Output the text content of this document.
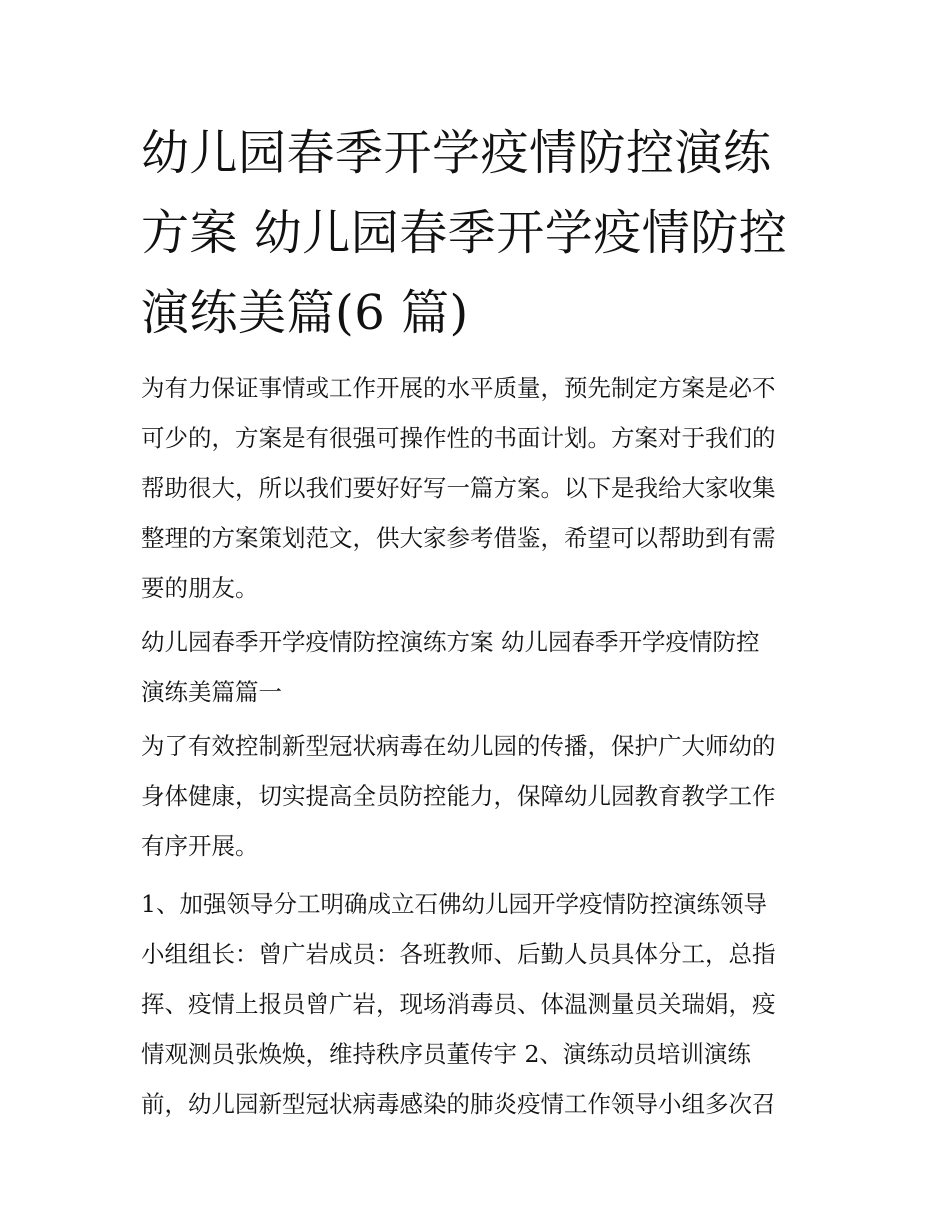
幼儿园春季开学疫情防控演练
方案 幼儿园春季开学疫情防控
演练美篇(6 篇)
为有力保证事情或工作开展的水平质量，预先制定方案是必不
可少的，方案是有很强可操作性的书面计划。方案对于我们的
帮助很大，所以我们要好好写一篇方案。以下是我给大家收集
整理的方案策划范文，供大家参考借鉴，希望可以帮助到有需
要的朋友。
幼儿园春季开学疫情防控演练方案 幼儿园春季开学疫情防控
演练美篇篇一
为了有效控制新型冠状病毒在幼儿园的传播，保护广大师幼的
身体健康，切实提高全员防控能力，保障幼儿园教育教学工作
有序开展。
1、加强领导分工明确成立石佛幼儿园开学疫情防控演练领导
小组组长：曾广岩成员：各班教师、后勤人员具体分工，总指
挥、疫情上报员曾广岩，现场消毒员、体温测量员关瑞娟，疫
情观测员张焕焕，维持秩序员董传宇 2、演练动员培训演练
前，幼儿园新型冠状病毒感染的肺炎疫情工作领导小组多次召
